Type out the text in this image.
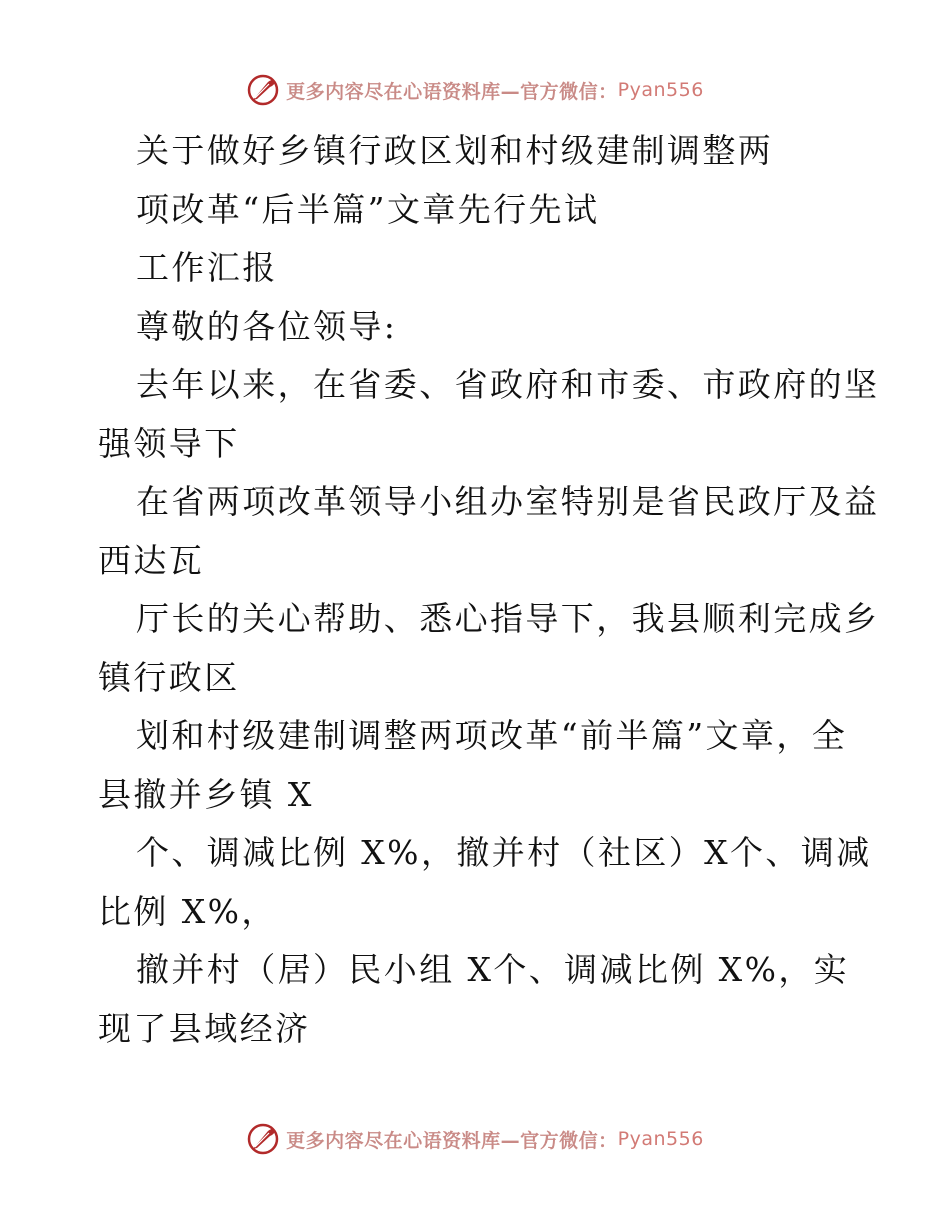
更多内容尽在心语资料库—官方微信： Pyan556
关于做好乡镇行政区划和村级建制调整两
项改革“后半篇”文章先行先试
工作汇报
尊敬的各位领导:
去年以来，在省委、省政府和市委、市政府的坚
强领导下
在省两项改革领导小组办室特别是省民政厅及益
西达瓦
厅长的关心帮助、悉心指导下，我县顺利完成乡
镇行政区
划和村级建制调整两项改革“前半篇”文章，全
县撤并乡镇 X
个、调减比例 X%，撤并村（社区）X个、调减
比例 X%，
撤并村（居）民小组 X个、调减比例 X%，实
现了县域经济
更多内容尽在心语资料库—官方微信： Pyan556
